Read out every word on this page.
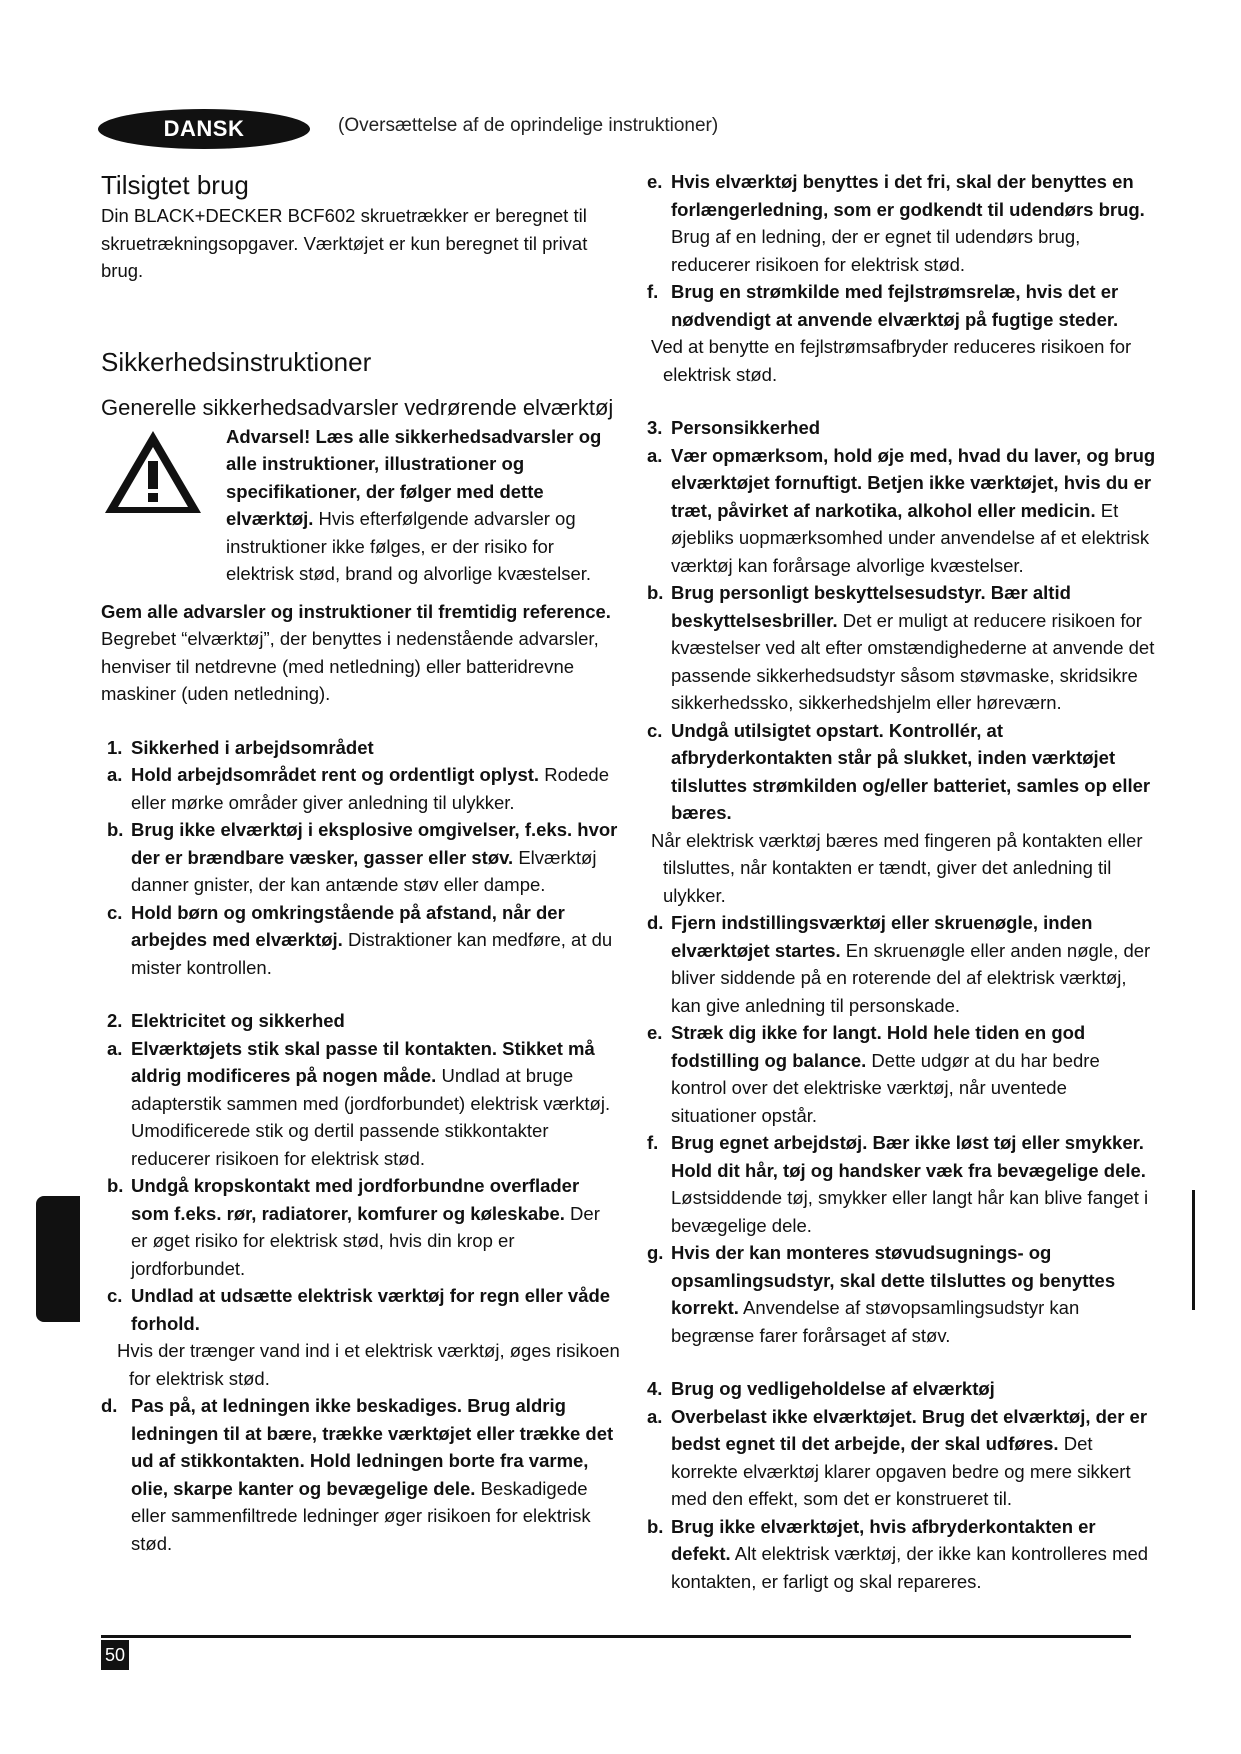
DANSK	(Oversættelse af de oprindelige instruktioner)
Tilsigtet brug

Din BLACK+DECKER BCF602 skruetrækker er beregnet til skruetrækningsopgaver. Værktøjet er kun beregnet til privat brug.

Sikkerhedsinstruktioner
Generelle sikkerhedsadvarsler vedrørende elværktøj

Advarsel! Læs alle sikkerhedsadvarsler og alle instruktioner, illustrationer og specifikationer, der følger med dette elværktøj. Hvis efterfølgende advarsler og instruktioner ikke følges, er der risiko for elektrisk stød, brand og alvorlige kvæstelser.

Gem alle advarsler og instruktioner til fremtidig reference. Begrebet “elværktøj”, der benyttes i nedenstående advarsler, henviser til netdrevne (med netledning) eller batteridrevne maskiner (uden netledning).

1. Sikkerhed i arbejdsområdet

a. Hold arbejdsområdet rent og ordentligt oplyst. Rodede eller mørke områder giver anledning til ulykker.

b. Brug ikke elværktøj i eksplosive omgivelser, f.eks. hvor der er brændbare væsker, gasser eller støv. Elværktøj danner gnister, der kan antænde støv eller dampe.

c. Hold børn og omkringstående på afstand, når der arbejdes med elværktøj. Distraktioner kan medføre, at du mister kontrollen.

2. Elektricitet og sikkerhed

a. Elværktøjets stik skal passe til kontakten. Stikket må aldrig modificeres på nogen måde. Undlad at bruge adapterstik sammen med (jordforbundet) elektrisk værktøj. Umodificerede stik og dertil passende stikkontakter reducerer risikoen for elektrisk stød.

b. Undgå kropskontakt med jordforbundne overflader som f.eks. rør, radiatorer, komfurer og køleskabe. Der er øget risiko for elektrisk stød, hvis din krop er jordforbundet.

c. Undlad at udsætte elektrisk værktøj for regn eller våde forhold.

Hvis der trænger vand ind i et elektrisk værktøj, øges risikoen for elektrisk stød.

d. Pas på, at ledningen ikke beskadiges. Brug aldrig ledningen til at bære, trække værktøjet eller trække det ud af stikkontakten. Hold ledningen borte fra varme, olie, skarpe kanter og bevægelige dele. Beskadigede eller sammenfiltrede ledninger øger risikoen for elektrisk stød.

e. Hvis elværktøj benyttes i det fri, skal der benyttes en forlængerledning, som er godkendt til udendørs brug. Brug af en ledning, der er egnet til udendørs brug, reducerer risikoen for elektrisk stød.

f. Brug en strømkilde med fejlstrømsrelæ, hvis det er nødvendigt at anvende elværktøj på fugtige steder.

Ved at benytte en fejlstrømsafbryder reduceres risikoen for elektrisk stød.

3. Personsikkerhed

a. Vær opmærksom, hold øje med, hvad du laver, og brug elværktøjet fornuftigt. Betjen ikke værktøjet, hvis du er træt, påvirket af narkotika, alkohol eller medicin. Et øjebliks uopmærksomhed under anvendelse af et elektrisk værktøj kan forårsage alvorlige kvæstelser.

b. Brug personligt beskyttelsesudstyr. Bær altid beskyttelsesbriller. Det er muligt at reducere risikoen for kvæstelser ved alt efter omstændighederne at anvende det passende sikkerhedsudstyr såsom støvmaske, skridsikre sikkerhedssko, sikkerhedshjelm eller høreværn.

c. Undgå utilsigtet opstart. Kontrollér, at afbryderkontakten står på slukket, inden værktøjet tilsluttes strømkilden og/eller batteriet, samles op eller bæres.

Når elektrisk værktøj bæres med fingeren på kontakten eller tilsluttes, når kontakten er tændt, giver det anledning til ulykker.

d. Fjern indstillingsværktøj eller skruenøgle, inden elværktøjet startes. En skruenøgle eller anden nøgle, der bliver siddende på en roterende del af elektrisk værktøj, kan give anledning til personskade.

e. Stræk dig ikke for langt. Hold hele tiden en god fodstilling og balance. Dette udgør at du har bedre kontrol over det elektriske værktøj, når uventede situationer opstår.

f. Brug egnet arbejdstøj. Bær ikke løst tøj eller smykker. Hold dit hår, tøj og handsker væk fra bevægelige dele. Løstsiddende tøj, smykker eller langt hår kan blive fanget i bevægelige dele.

g. Hvis der kan monteres støvudsugnings- og opsamlingsudstyr, skal dette tilsluttes og benyttes korrekt. Anvendelse af støvopsamlingsudstyr kan begrænse farer forårsaget af støv.

4. Brug og vedligeholdelse af elværktøj

a. Overbelast ikke elværktøjet. Brug det elværktøj, der er bedst egnet til det arbejde, der skal udføres. Det korrekte elværktøj klarer opgaven bedre og mere sikkert med den effekt, som det er konstrueret til.

b. Brug ikke elværktøjet, hvis afbryderkontakten er defekt. Alt elektrisk værktøj, der ikke kan kontrolleres med kontakten, er farligt og skal repareres.

50
